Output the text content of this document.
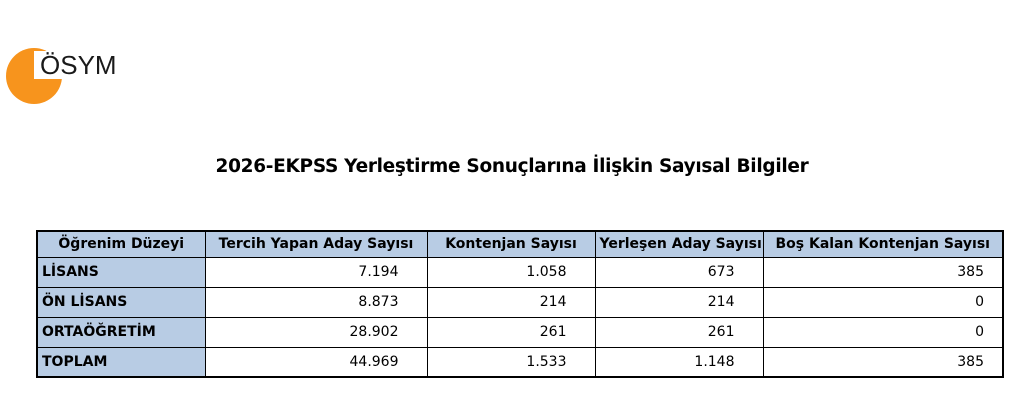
ÖSYM
2026-EKPSS Yerleştirme Sonuçlarına İlişkin Sayısal Bilgiler
Öğrenim Düzeyi	Tercih Yapan Aday Sayısı	Kontenjan Sayısı	Yerleşen Aday Sayısı	Boş Kalan Kontenjan Sayısı
LİSANS	7.194	1.058	673	385
ÖN LİSANS	8.873	214	214	0
ORTAÖĞRETİM	28.902	261	261	0
TOPLAM	44.969	1.533	1.148	385
